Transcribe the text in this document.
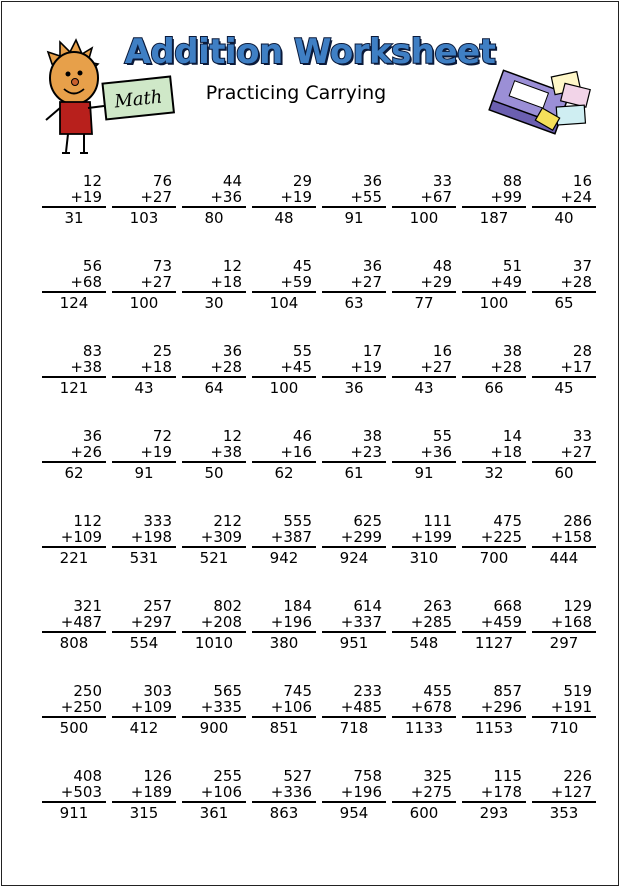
Math
Addition Worksheet
Practicing Carrying
12
+19
31
76
+27
103
44
+36
80
29
+19
48
36
+55
91
33
+67
100
88
+99
187
16
+24
40
56
+68
124
73
+27
100
12
+18
30
45
+59
104
36
+27
63
48
+29
77
51
+49
100
37
+28
65
83
+38
121
25
+18
43
36
+28
64
55
+45
100
17
+19
36
16
+27
43
38
+28
66
28
+17
45
36
+26
62
72
+19
91
12
+38
50
46
+16
62
38
+23
61
55
+36
91
14
+18
32
33
+27
60
112
+109
221
333
+198
531
212
+309
521
555
+387
942
625
+299
924
111
+199
310
475
+225
700
286
+158
444
321
+487
808
257
+297
554
802
+208
1010
184
+196
380
614
+337
951
263
+285
548
668
+459
1127
129
+168
297
250
+250
500
303
+109
412
565
+335
900
745
+106
851
233
+485
718
455
+678
1133
857
+296
1153
519
+191
710
408
+503
911
126
+189
315
255
+106
361
527
+336
863
758
+196
954
325
+275
600
115
+178
293
226
+127
353
